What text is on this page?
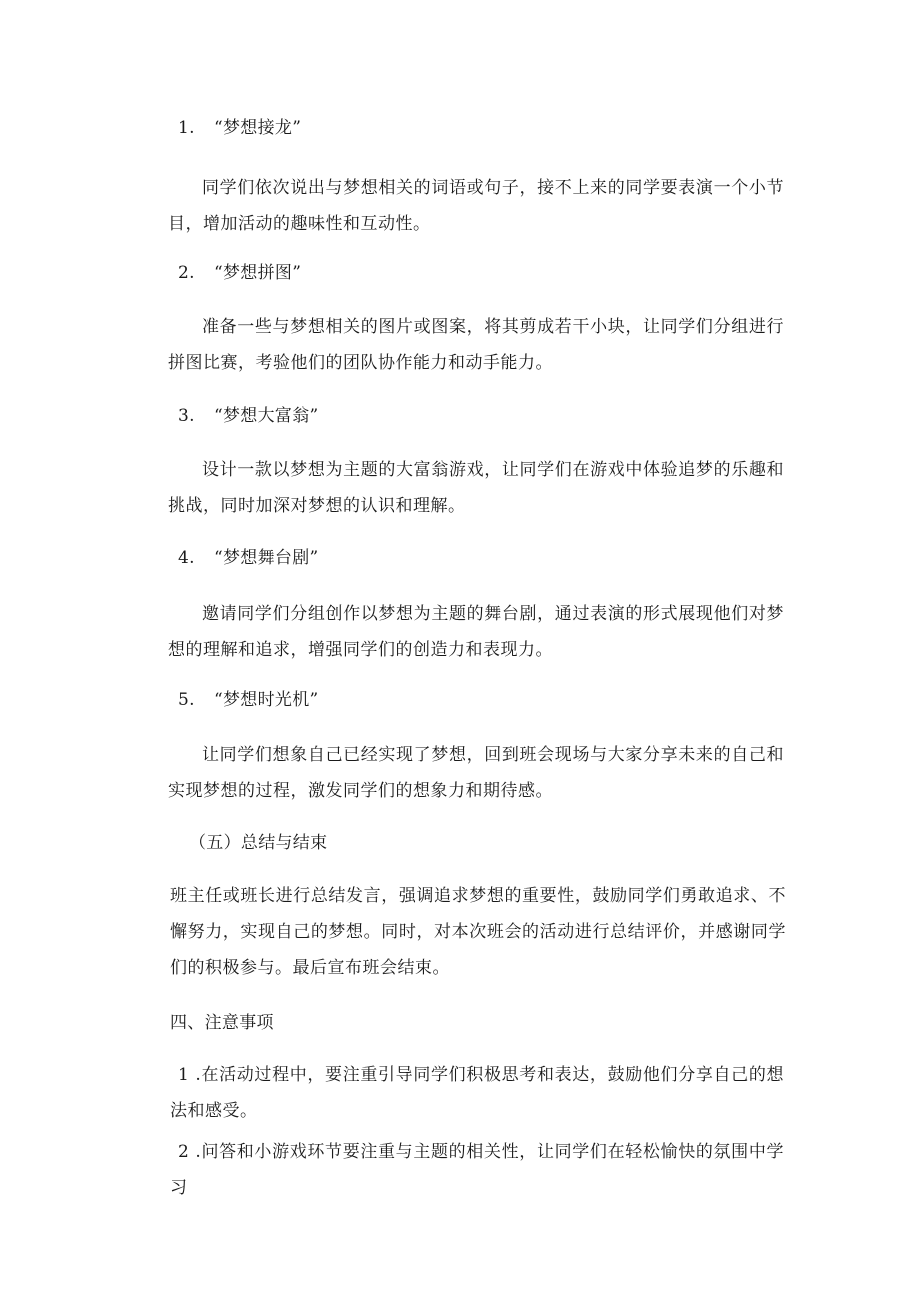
1. “梦想接龙”
同学们依次说出与梦想相关的词语或句子，接不上来的同学要表演一个小节目，增加活动的趣味性和互动性。
2. “梦想拼图”
准备一些与梦想相关的图片或图案，将其剪成若干小块，让同学们分组进行拼图比赛，考验他们的团队协作能力和动手能力。
3. “梦想大富翁”
设计一款以梦想为主题的大富翁游戏，让同学们在游戏中体验追梦的乐趣和挑战，同时加深对梦想的认识和理解。
4. “梦想舞台剧”
邀请同学们分组创作以梦想为主题的舞台剧，通过表演的形式展现他们对梦想的理解和追求，增强同学们的创造力和表现力。
5. “梦想时光机”
让同学们想象自己已经实现了梦想，回到班会现场与大家分享未来的自己和实现梦想的过程，激发同学们的想象力和期待感。
（五）总结与结束
班主任或班长进行总结发言，强调追求梦想的重要性，鼓励同学们勇敢追求、不懈努力，实现自己的梦想。同时，对本次班会的活动进行总结评价，并感谢同学们的积极参与。最后宣布班会结束。
四、注意事项
1 .在活动过程中，要注重引导同学们积极思考和表达，鼓励他们分享自己的想法和感受。
2 .问答和小游戏环节要注重与主题的相关性，让同学们在轻松愉快的氛围中学习
